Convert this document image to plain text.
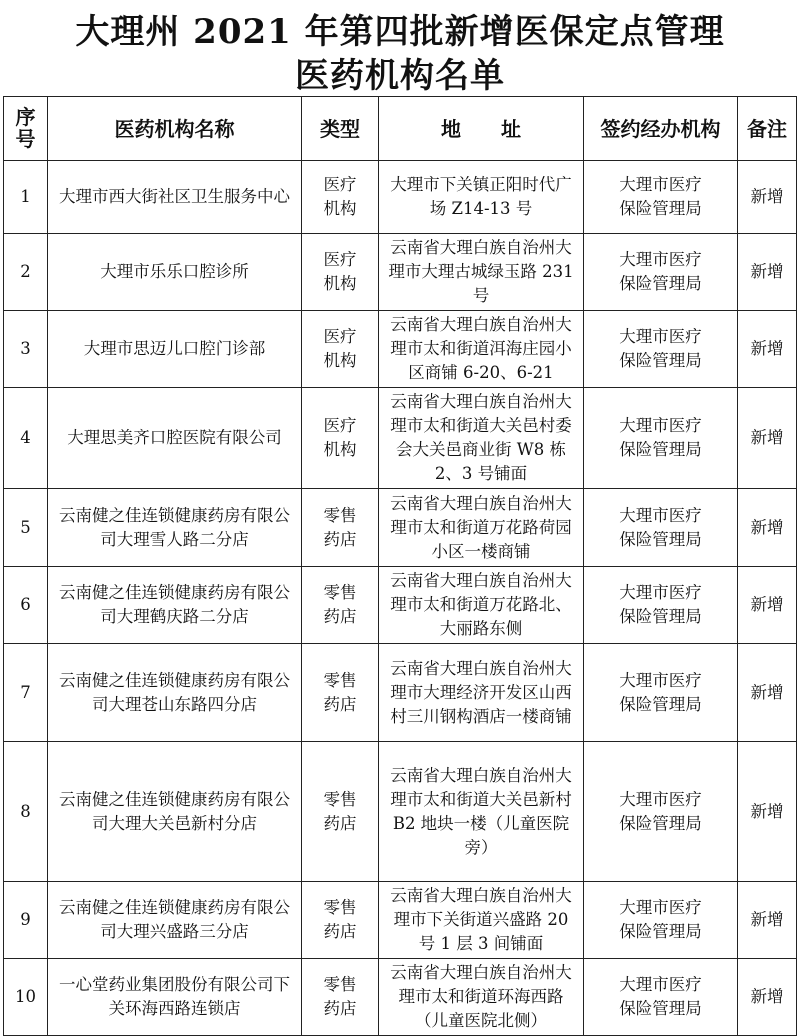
大理州 2021 年第四批新增医保定点管理
医药机构名单
序号	医药机构名称	类型	地　　址	签约经办机构	备注
1	大理市西大街社区卫生服务中心	医疗机构	大理市下关镇正阳时代广场 Z14-13 号	大理市医疗保险管理局	新增
2	大理市乐乐口腔诊所	医疗机构	云南省大理白族自治州大理市大理古城绿玉路 231 号	大理市医疗保险管理局	新增
3	大理市思迈儿口腔门诊部	医疗机构	云南省大理白族自治州大理市太和街道洱海庄园小区商铺 6-20、6-21	大理市医疗保险管理局	新增
4	大理思美齐口腔医院有限公司	医疗机构	云南省大理白族自治州大理市太和街道大关邑村委会大关邑商业街 W8 栋 2、3 号铺面	大理市医疗保险管理局	新增
5	云南健之佳连锁健康药房有限公司大理雪人路二分店	零售药店	云南省大理白族自治州大理市太和街道万花路荷园小区一楼商铺	大理市医疗保险管理局	新增
6	云南健之佳连锁健康药房有限公司大理鹤庆路二分店	零售药店	云南省大理白族自治州大理市太和街道万花路北、大丽路东侧	大理市医疗保险管理局	新增
7	云南健之佳连锁健康药房有限公司大理苍山东路四分店	零售药店	云南省大理白族自治州大理市大理经济开发区山西村三川钢构酒店一楼商铺	大理市医疗保险管理局	新增
8	云南健之佳连锁健康药房有限公司大理大关邑新村分店	零售药店	云南省大理白族自治州大理市太和街道大关邑新村 B2 地块一楼（儿童医院旁）	大理市医疗保险管理局	新增
9	云南健之佳连锁健康药房有限公司大理兴盛路三分店	零售药店	云南省大理白族自治州大理市下关街道兴盛路 20 号 1 层 3 间铺面	大理市医疗保险管理局	新增
10	一心堂药业集团股份有限公司下关环海西路连锁店	零售药店	云南省大理白族自治州大理市太和街道环海西路（儿童医院北侧）	大理市医疗保险管理局	新增
